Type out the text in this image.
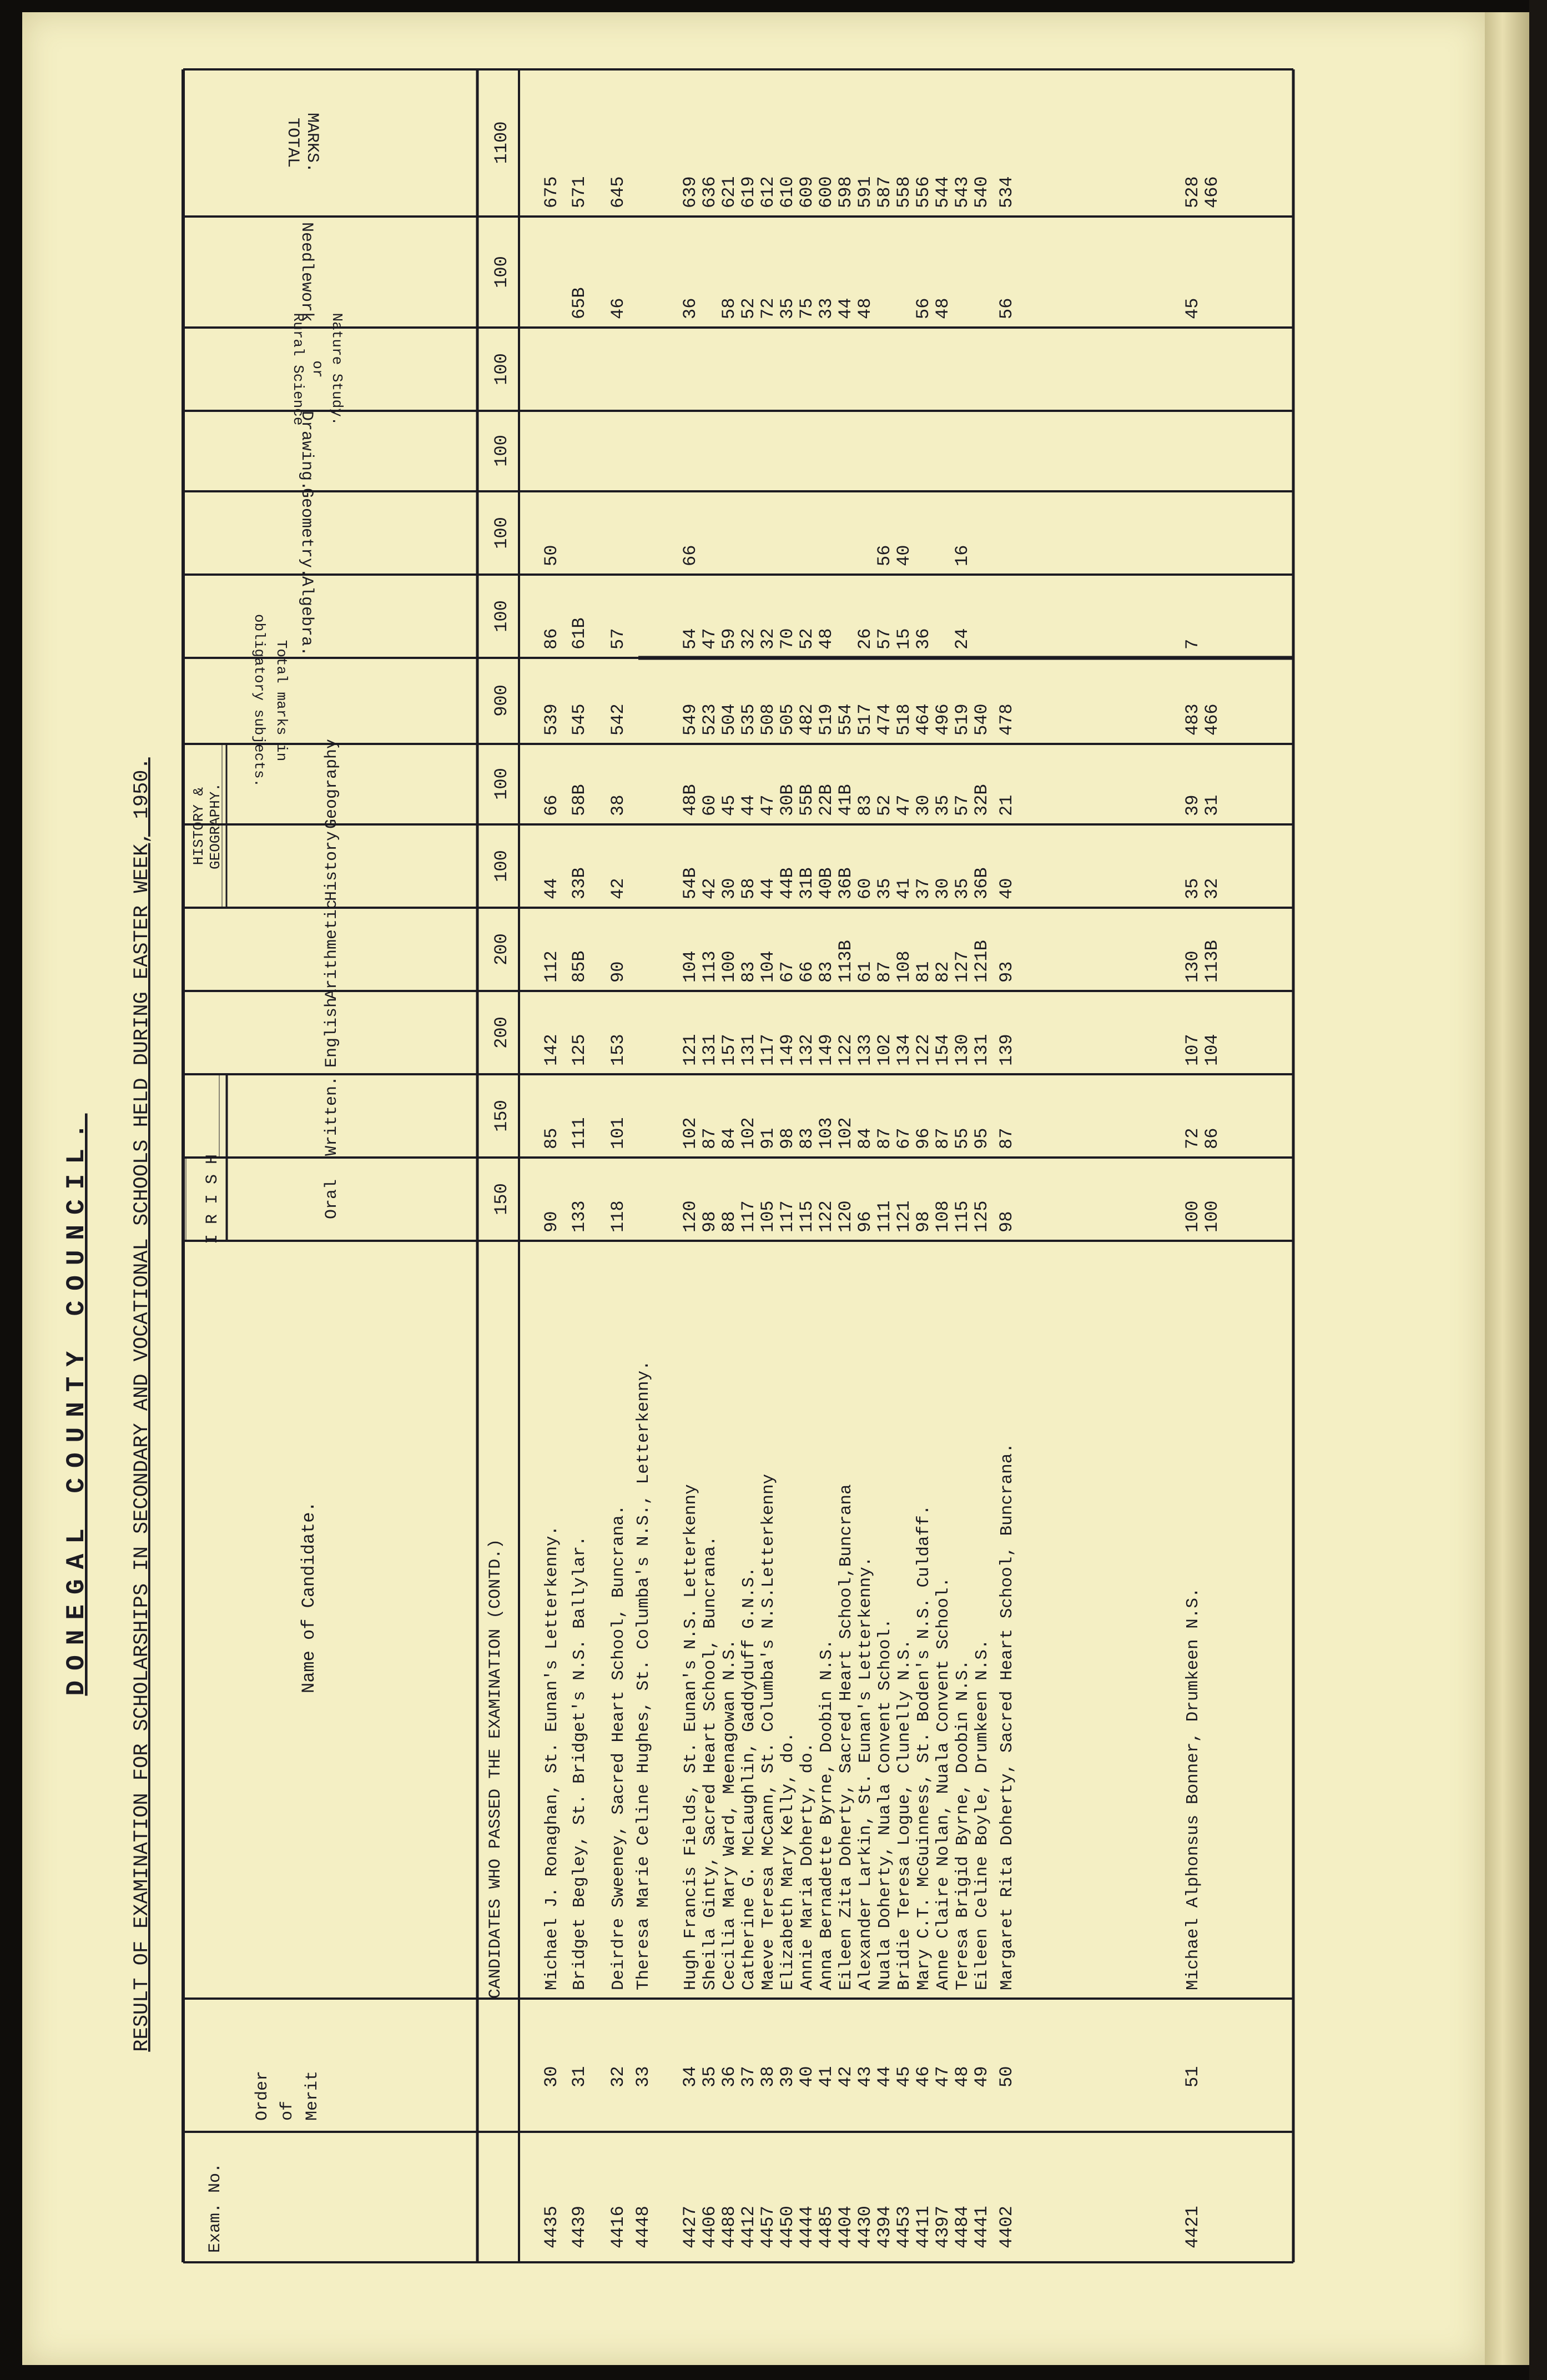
DONEGAL COUNTY COUNCIL. RESULT OF EXAMINATION FOR SCHOLARSHIPS IN SECONDARY AND VOCATIONAL SCHOOLS HELD DURING EASTER WEEK, 1950.
Exam. No.
Order of Merit
Name of Candidate.
I R I S H	Oral
Written.
English
Arithmetic
HISTORY & GEOGRAPHY.	History
Geography
obligatory subjects. Total marks in
Algebra.
Geometry.
Drawing.
Rural Science or Nature Study.
Needlework
TOTAL MARKS.
150
150
200
200
100
100
900
100
100
100
100
100
1100
CANDIDATES WHO PASSED THE EXAMINATION (CONTD.)
4435
30
Michael J. Ronaghan, St. Eunan's Letterkenny.
90
85
142
112
44
66
539
86
50
675
4439
31
Bridget Begley, St. Bridget's N.S. Ballylar.
133
111
125
85B
33B
58B
545
61B
65B
571
4416
32
Deirdre Sweeney, Sacred Heart School, Buncrana.
118
101
153
90
42
38
542
57
46
645
4448
33
Theresa Marie Celine Hughes, St. Columba's N.S., Letterkenny.
4427
34
Hugh Francis Fields, St. Eunan's N.S. Letterkenny
120
102
121
104
54B
48B
549
54
66
36
639
4406
35
Sheila Ginty, Sacred Heart School, Buncrana.
98
87
131
113
42
60
523
47
636
4488
36
Cecilia Mary Ward, Meenagowan N.S.
88
84
157
100
30
45
504
59
58
621
4412
37
Catherine G. McLaughlin, Gaddyduff G.N.S.
117
102
131
83
58
44
535
32
52
619
4457
38
Maeve Teresa McCann, St. Columba's N.S.Letterkenny
105
91
117
104
44
47
508
32
72
612
4450
39
Elizabeth Mary Kelly, do.
117
98
149
67
44B
30B
505
70
35
610
4444
40
Annie Maria Doherty, do.
115
83
132
66
31B
55B
482
52
75
609
4485
41
Anna Bernadette Byrne, Doobin N.S.
122
103
149
83
40B
22B
519
48
33
600
4404
42
Eileen Zita Doherty, Sacred Heart School,Buncrana
120
102
122
113B
36B
41B
554
44
598
4430
43
Alexander Larkin, St. Eunan's Letterkenny.
96
84
133
61
60
83
517
26
48
591
4394
44
Nuala Doherty, Nuala Convent School.
111
87
102
87
35
52
474
57
56
587
4453
45
Bridie Teresa Logue, Clunelly N.S.
121
67
134
108
41
47
518
15
40
558
4411
46
Mary C.T. McGuinness, St. Boden's N.S. Culdaff.
98
96
122
81
37
30
464
36
56
556
4397
47
Anne Claire Nolan, Nuala Convent School.
108
87
154
82
30
35
496
48
544
4484
48
Teresa Brigid Byrne, Doobin N.S.
115
55
130
127
35
57
519
24
16
543
4441
49
Eileen Celine Boyle, Drumkeen N.S.
125
95
131
121B
36B
32B
540
540
4402
50
Margaret Rita Doherty, Sacred Heart School, Buncrana.
98
87
139
93
40
21
478
56
534
4421
51
Michael Alphonsus Bonner, Drumkeen N.S.
100
72
107
130
35
39
483
7
45
528
100
86
104
113B
32
31
466
466
